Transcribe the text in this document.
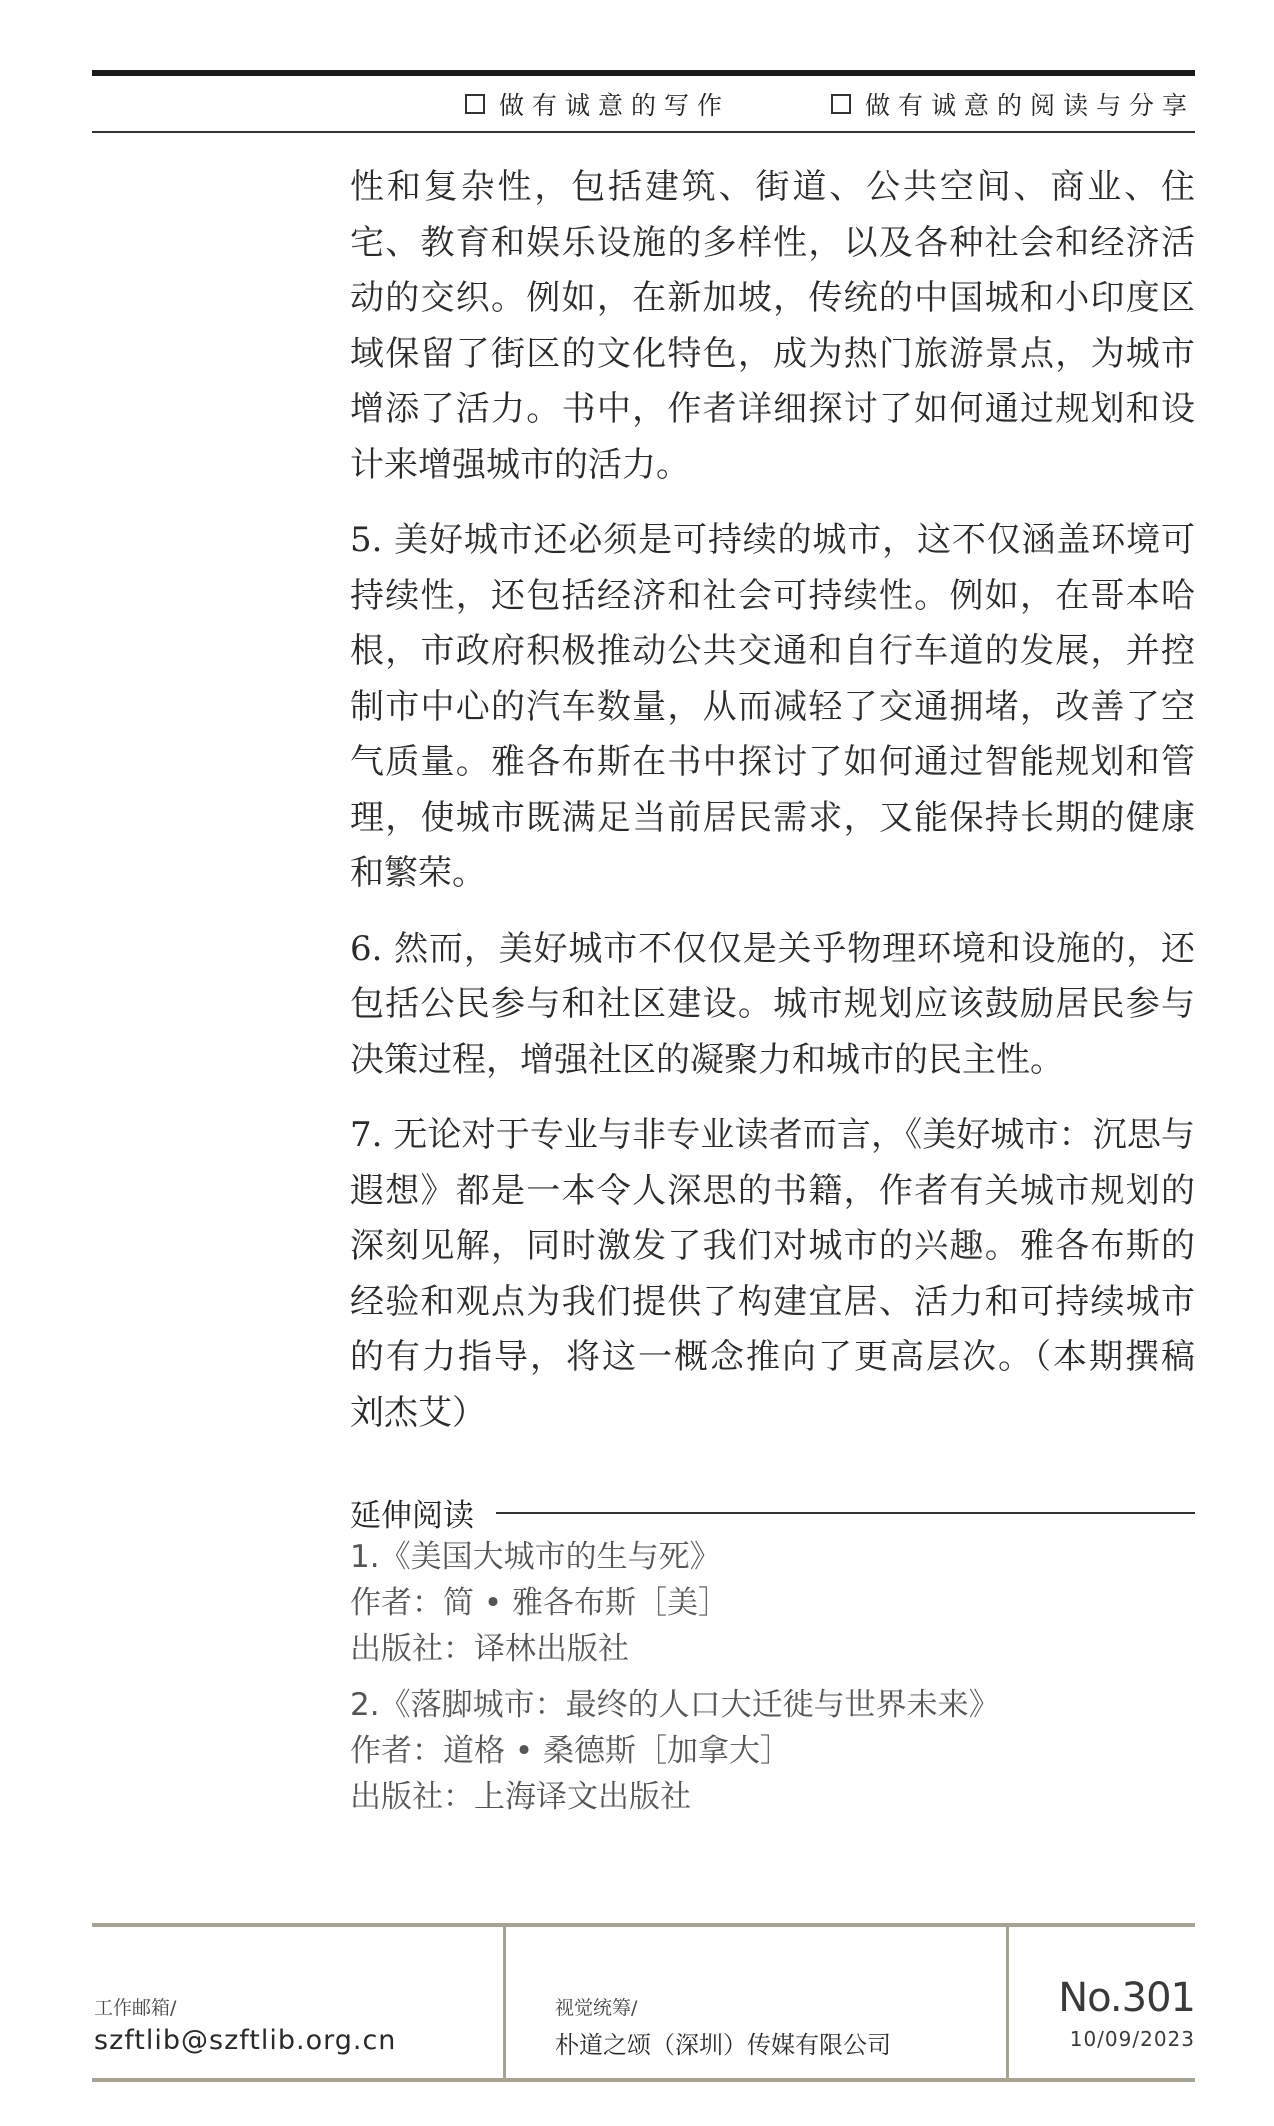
做有诚意的写作	做有诚意的阅读与分享

性和复杂性，包括建筑、街道、公共空间、商业、住宅、教育和娱乐设施的多样性，以及各种社会和经济活动的交织。例如，在新加坡，传统的中国城和小印度区域保留了街区的文化特色，成为热门旅游景点，为城市增添了活力。书中，作者详细探讨了如何通过规划和设计来增强城市的活力。

5. 美好城市还必须是可持续的城市，这不仅涵盖环境可持续性，还包括经济和社会可持续性。例如，在哥本哈根，市政府积极推动公共交通和自行车道的发展，并控制市中心的汽车数量，从而减轻了交通拥堵，改善了空气质量。雅各布斯在书中探讨了如何通过智能规划和管理，使城市既满足当前居民需求，又能保持长期的健康和繁荣。

6. 然而，美好城市不仅仅是关乎物理环境和设施的，还包括公民参与和社区建设。城市规划应该鼓励居民参与决策过程，增强社区的凝聚力和城市的民主性。

7. 无论对于专业与非专业读者而言，《美好城市：沉思与遐想》都是一本令人深思的书籍，作者有关城市规划的深刻见解，同时激发了我们对城市的兴趣。雅各布斯的经验和观点为我们提供了构建宜居、活力和可持续城市的有力指导，将这一概念推向了更高层次。（本期撰稿　刘杰艾）

延伸阅读
1.《美国大城市的生与死》
作者：简 • 雅各布斯［美］
出版社：译林出版社
2.《落脚城市：最终的人口大迁徙与世界未来》
作者：道格 • 桑德斯［加拿大］
出版社：上海译文出版社
工作邮箱/
szftlib@szftlib.org.cn
视觉统筹/
朴道之颂（深圳）传媒有限公司
No.301
10/09/2023
